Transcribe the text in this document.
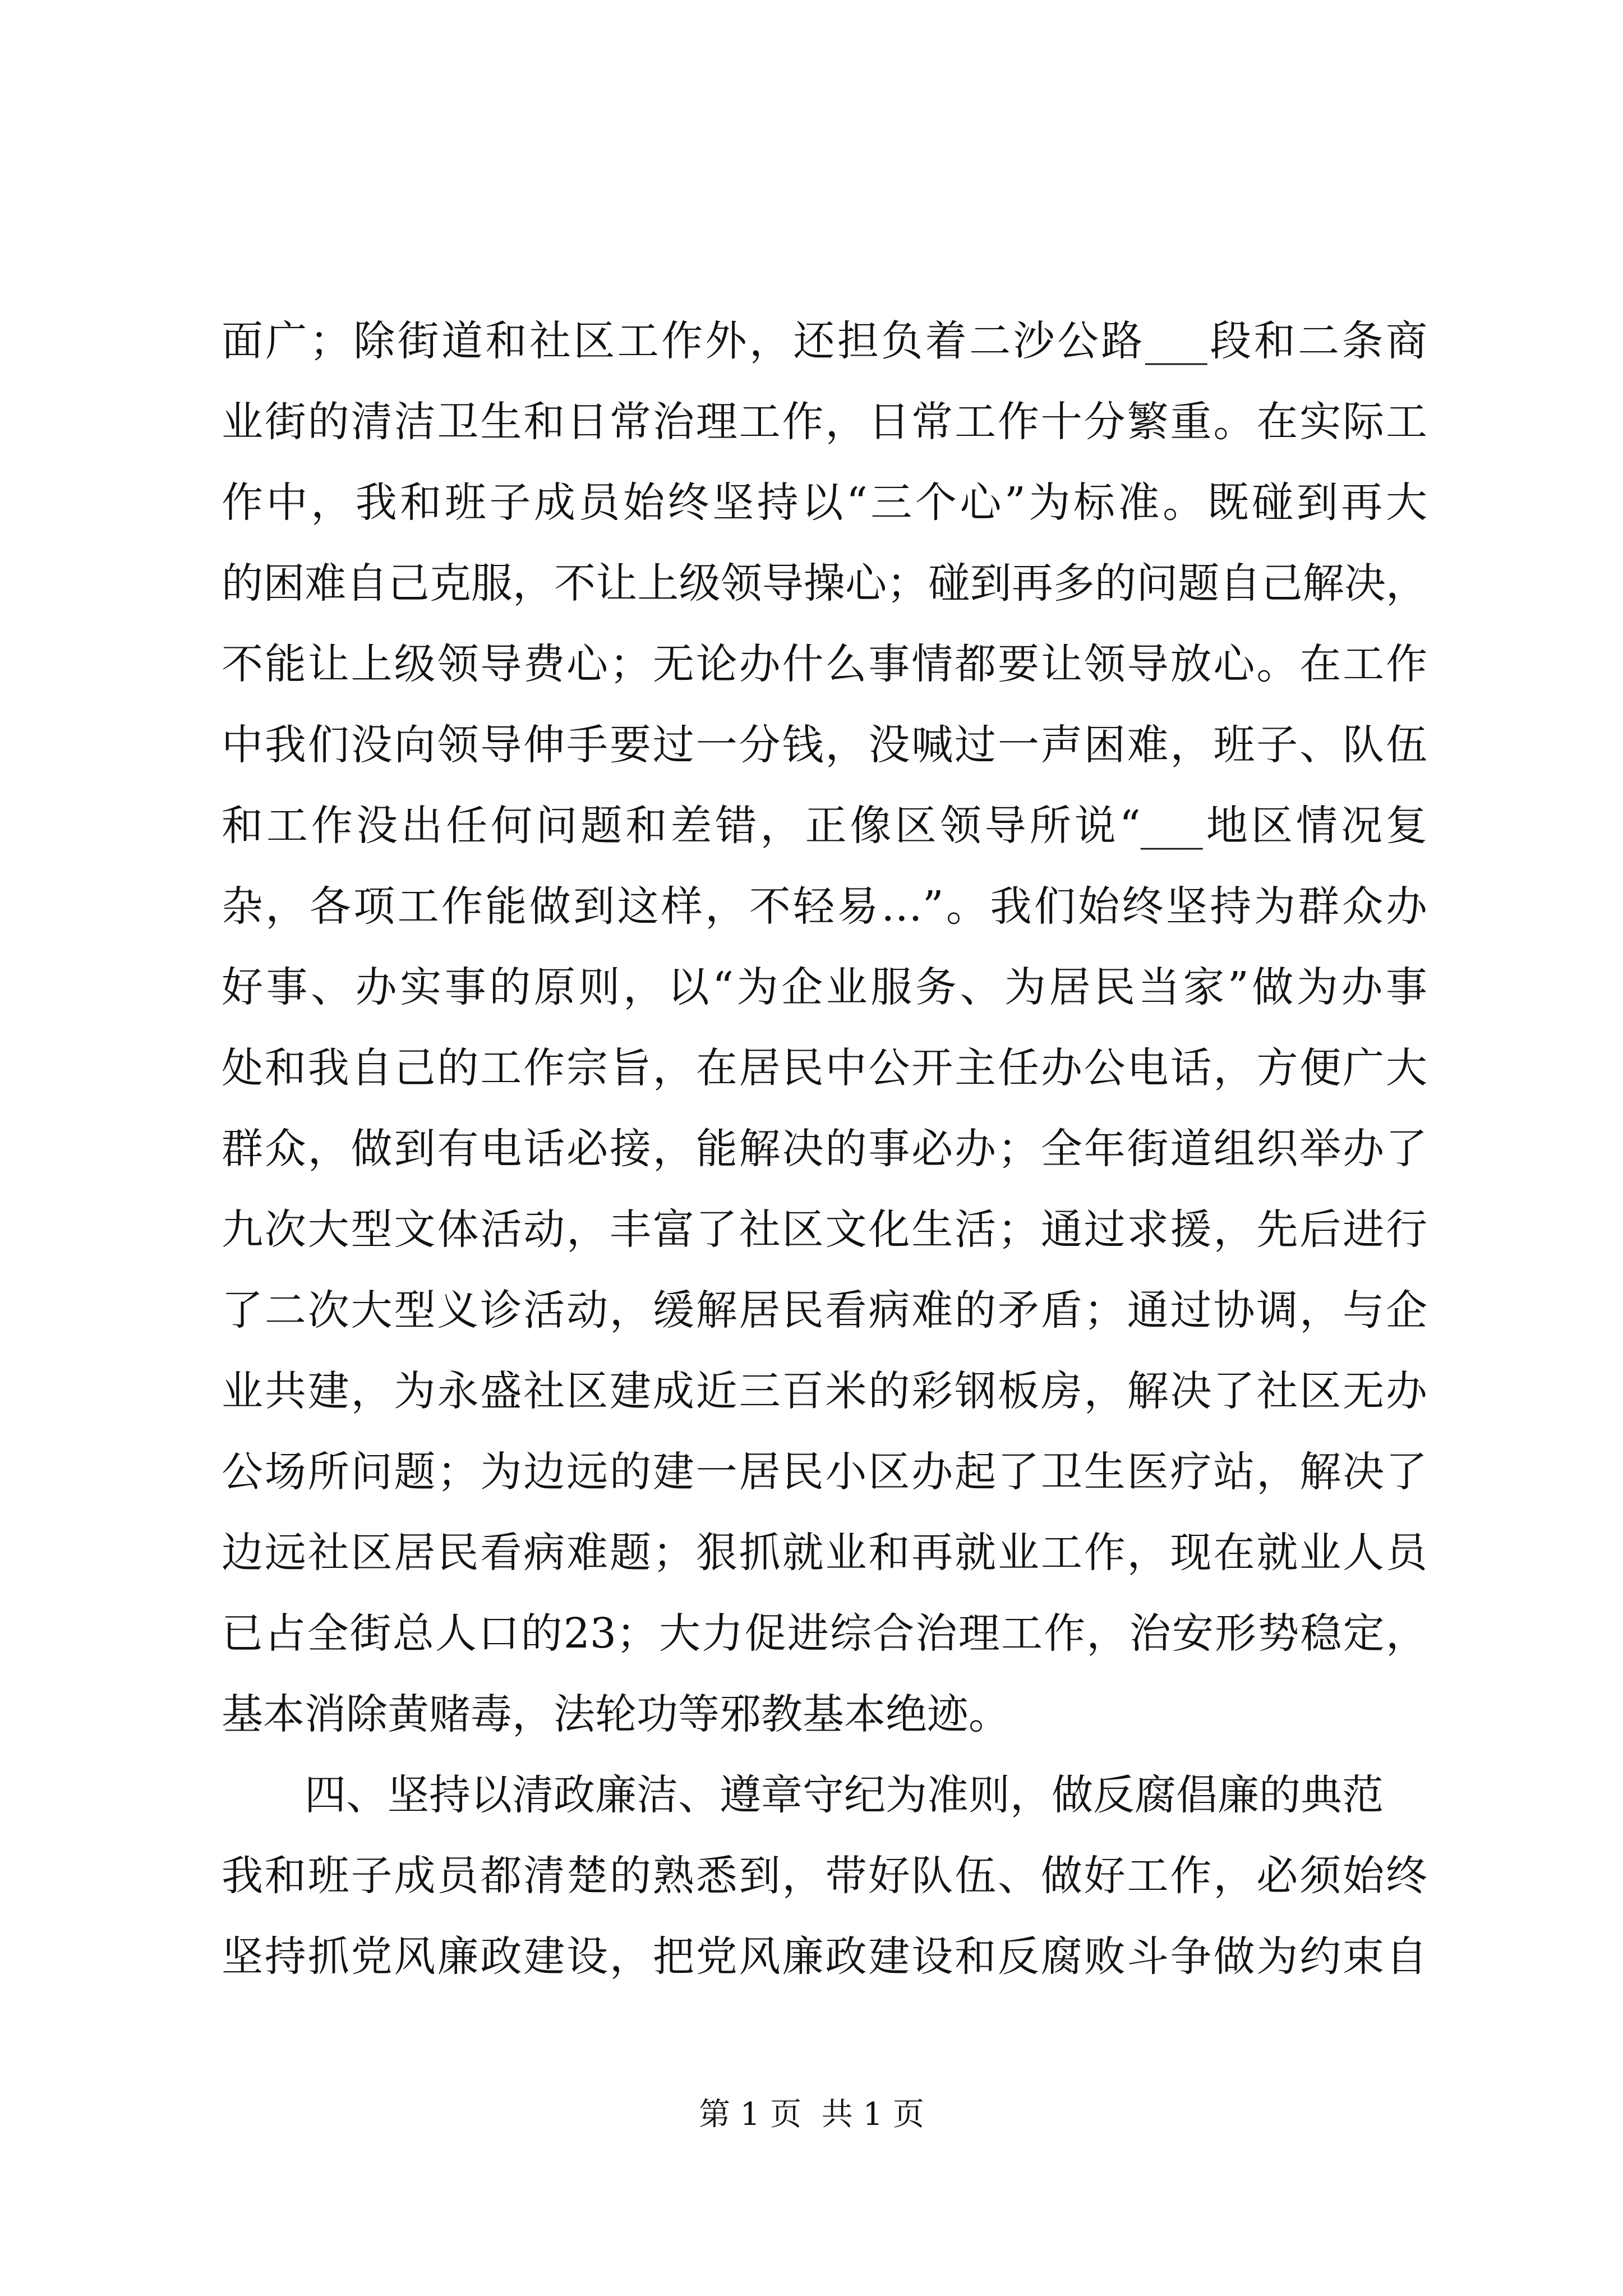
面广；除街道和社区工作外，还担负着二沙公路___段和二条商
业街的清洁卫生和日常治理工作，日常工作十分繁重。在实际工
作中，我和班子成员始终坚持以“三个心”为标准。既碰到再大
的困难自己克服，不让上级领导操心；碰到再多的问题自己解决，
不能让上级领导费心；无论办什么事情都要让领导放心。在工作
中我们没向领导伸手要过一分钱，没喊过一声困难，班子、队伍
和工作没出任何问题和差错，正像区领导所说“___地区情况复
杂，各项工作能做到这样，不轻易…”。我们始终坚持为群众办
好事、办实事的原则，以“为企业服务、为居民当家”做为办事
处和我自己的工作宗旨，在居民中公开主任办公电话，方便广大
群众，做到有电话必接，能解决的事必办；全年街道组织举办了
九次大型文体活动，丰富了社区文化生活；通过求援，先后进行
了二次大型义诊活动，缓解居民看病难的矛盾；通过协调，与企
业共建，为永盛社区建成近三百米的彩钢板房，解决了社区无办
公场所问题；为边远的建一居民小区办起了卫生医疗站，解决了
边远社区居民看病难题；狠抓就业和再就业工作，现在就业人员
已占全街总人口的23；大力促进综合治理工作，治安形势稳定，
基本消除黄赌毒，法轮功等邪教基本绝迹。
四、坚持以清政廉洁、遵章守纪为准则，做反腐倡廉的典范
我和班子成员都清楚的熟悉到，带好队伍、做好工作，必须始终
坚持抓党风廉政建设，把党风廉政建设和反腐败斗争做为约束自
第 1 页  共 1 页
